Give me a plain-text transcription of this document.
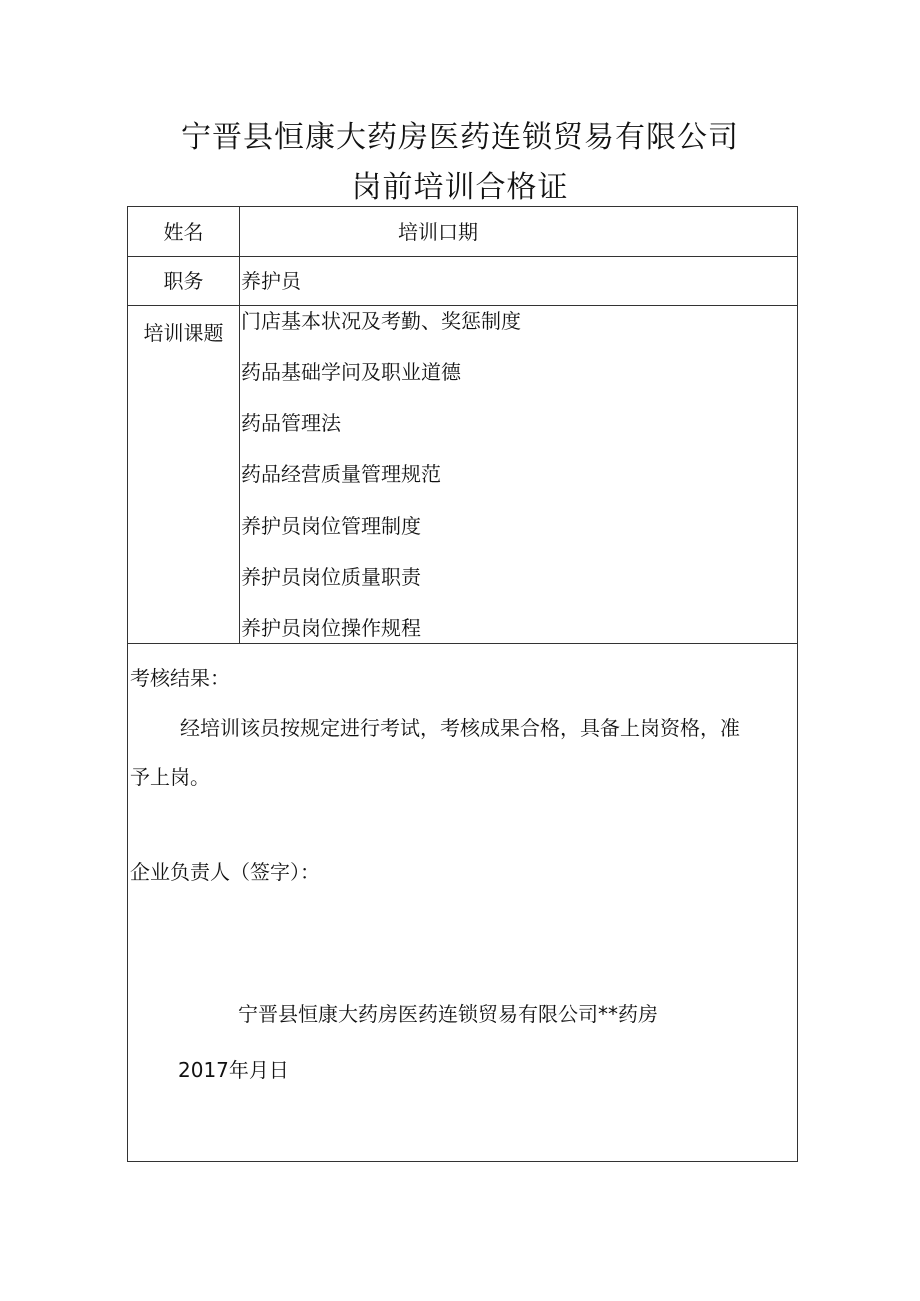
宁晋县恒康大药房医药连锁贸易有限公司
岗前培训合格证
姓名	培训口期
职务	养护员
培训课题 门店基本状况及考勤、奖惩制度
药品基础学问及职业道德
药品管理法
药品经营质量管理规范
养护员岗位管理制度
养护员岗位质量职责
养护员岗位操作规程
考核结果：
经培训该员按规定进行考试，考核成果合格，具备上岗资格，准
予上岗。
企业负责人（签字）：
宁晋县恒康大药房医药连锁贸易有限公司**药房
2017年月日
